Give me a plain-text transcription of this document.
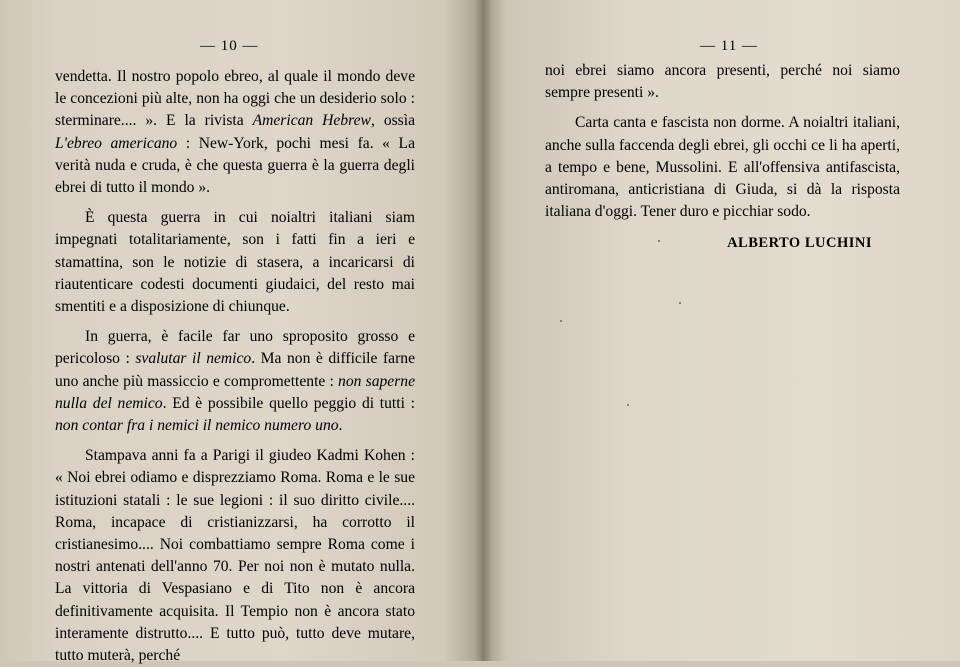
— 10 —	— 11 —

vendetta. Il nostro popolo ebreo, al quale il mondo deve le concezioni più alte, non ha oggi che un desiderio solo : sterminare.... ». E la rivista American Hebrew, ossìa L'ebreo americano : New-York, pochi mesi fa. « La verità nuda e cruda, è che questa guerra è la guerra degli ebrei di tutto il mondo ».

È questa guerra in cui noialtri italiani siam impegnati totalitariamente, son i fatti fin a ieri e stamattina, son le notizie di stasera, a incaricarsi di riautenticare codesti documenti giudaici, del resto mai smentiti e a disposizione di chiunque.

In guerra, è facile far uno sproposito grosso e pericoloso : svalutar il nemico. Ma non è difficile farne uno anche più massiccio e compromettente : non saperne nulla del nemico. Ed è possibile quello peggio di tutti : non contar fra i nemici il nemico numero uno.

Stampava anni fa a Parigi il giudeo Kadmi Kohen : « Noi ebrei odiamo e disprezziamo Roma. Roma e le sue istituzioni statali : le sue legioni : il suo diritto civile.... Roma, incapace di cristianizzarsi, ha corrotto il cristianesimo.... Noi combattiamo sempre Roma come i nostri antenati dell'anno 70. Per noi non è mutato nulla. La vittoria di Vespasiano e di Tito non è ancora definitivamente acquisita. Il Tempio non è ancora stato interamente distrutto.... E tutto può, tutto deve mutare, tutto muterà, perché

noi ebrei siamo ancora presenti, perché noi siamo sempre presenti ».

Carta canta e fascista non dorme. A noialtri italiani, anche sulla faccenda degli ebrei, gli occhi ce li ha aperti, a tempo e bene, Mussolini. E all'offensiva antifascista, antiromana, anticristiana di Giuda, si dà la risposta italiana d'oggi. Tener duro e picchiar sodo.

ALBERTO LUCHINI
